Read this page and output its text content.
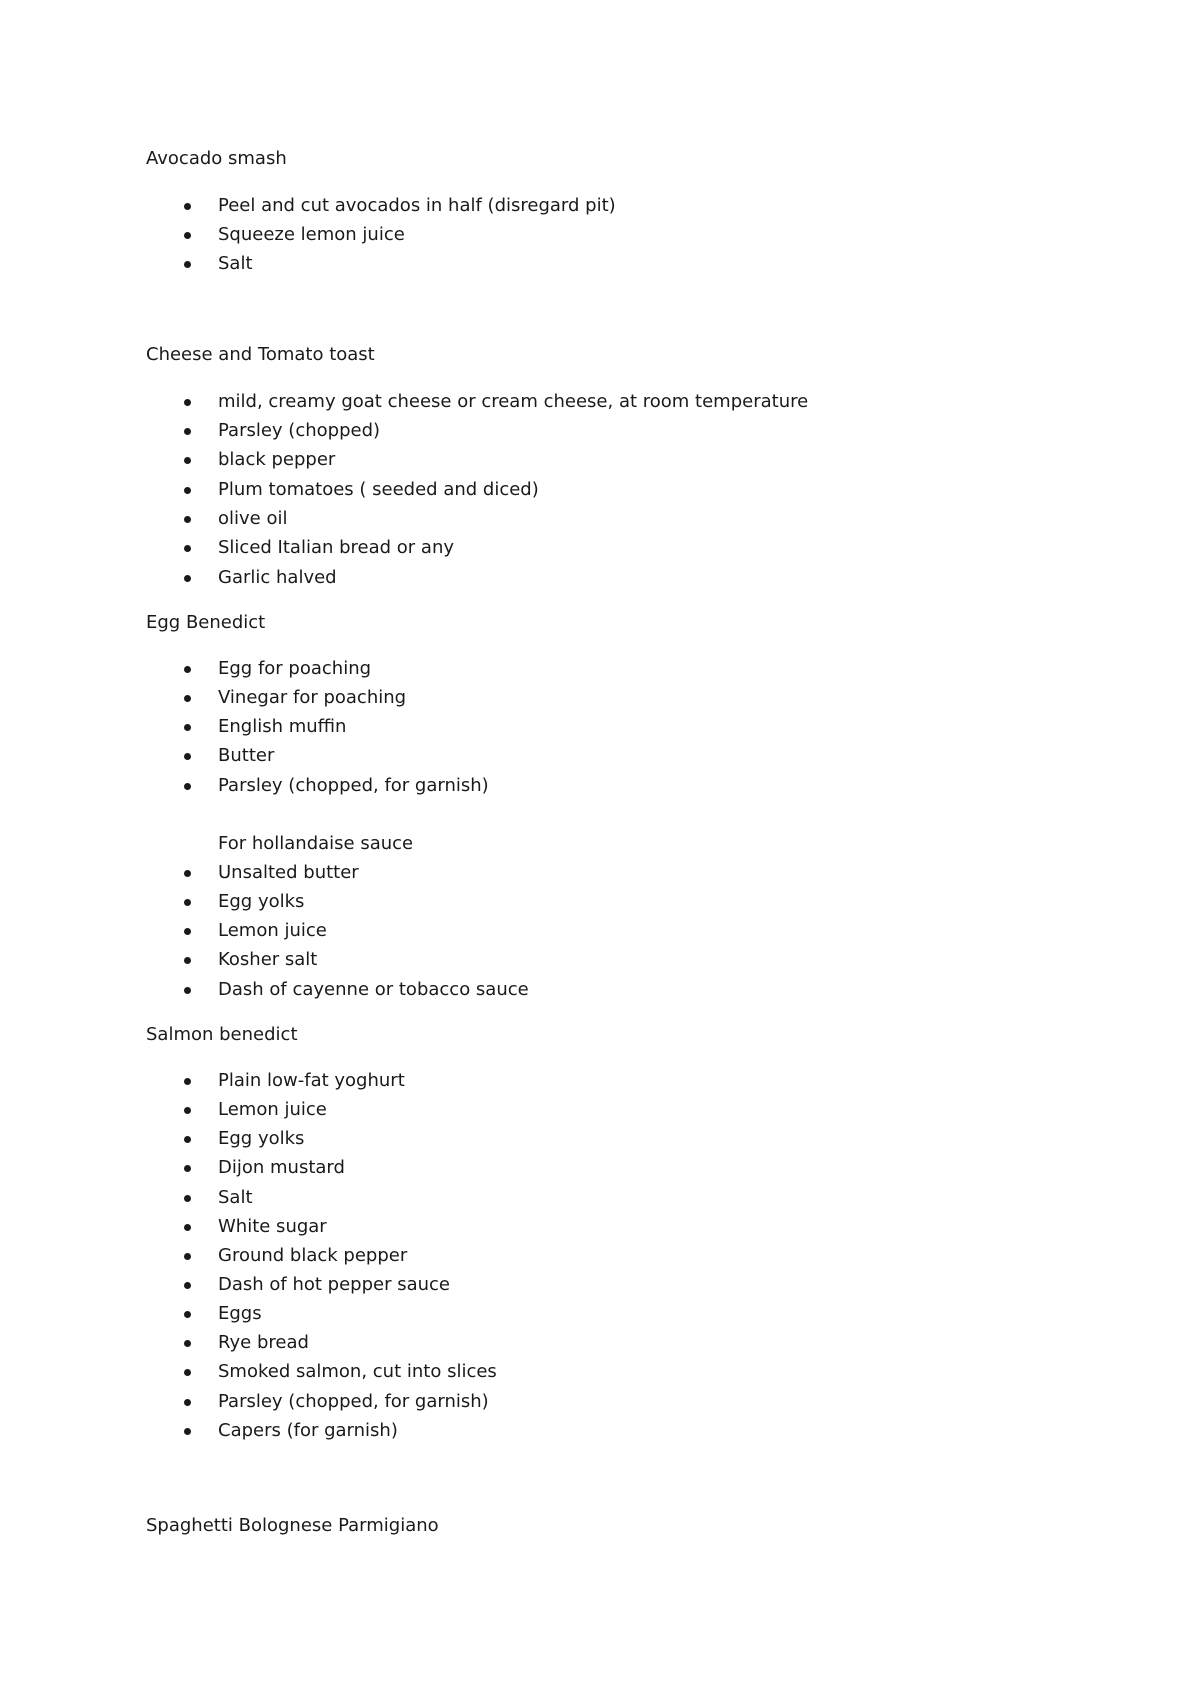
Avocado smash
Peel and cut avocados in half (disregard pit)
Squeeze lemon juice
Salt
Cheese and Tomato toast
mild, creamy goat cheese or cream cheese, at room temperature
Parsley (chopped)
black pepper
Plum tomatoes ( seeded and diced)
olive oil
Sliced Italian bread or any
Garlic halved
Egg Benedict
Egg for poaching
Vinegar for poaching
English muffin
Butter
Parsley (chopped, for garnish)
For hollandaise sauce
Unsalted butter
Egg yolks
Lemon juice
Kosher salt
Dash of cayenne or tobacco sauce
Salmon benedict
Plain low-fat yoghurt
Lemon juice
Egg yolks
Dijon mustard
Salt
White sugar
Ground black pepper
Dash of hot pepper sauce
Eggs
Rye bread
Smoked salmon, cut into slices
Parsley (chopped, for garnish)
Capers (for garnish)
Spaghetti Bolognese Parmigiano
